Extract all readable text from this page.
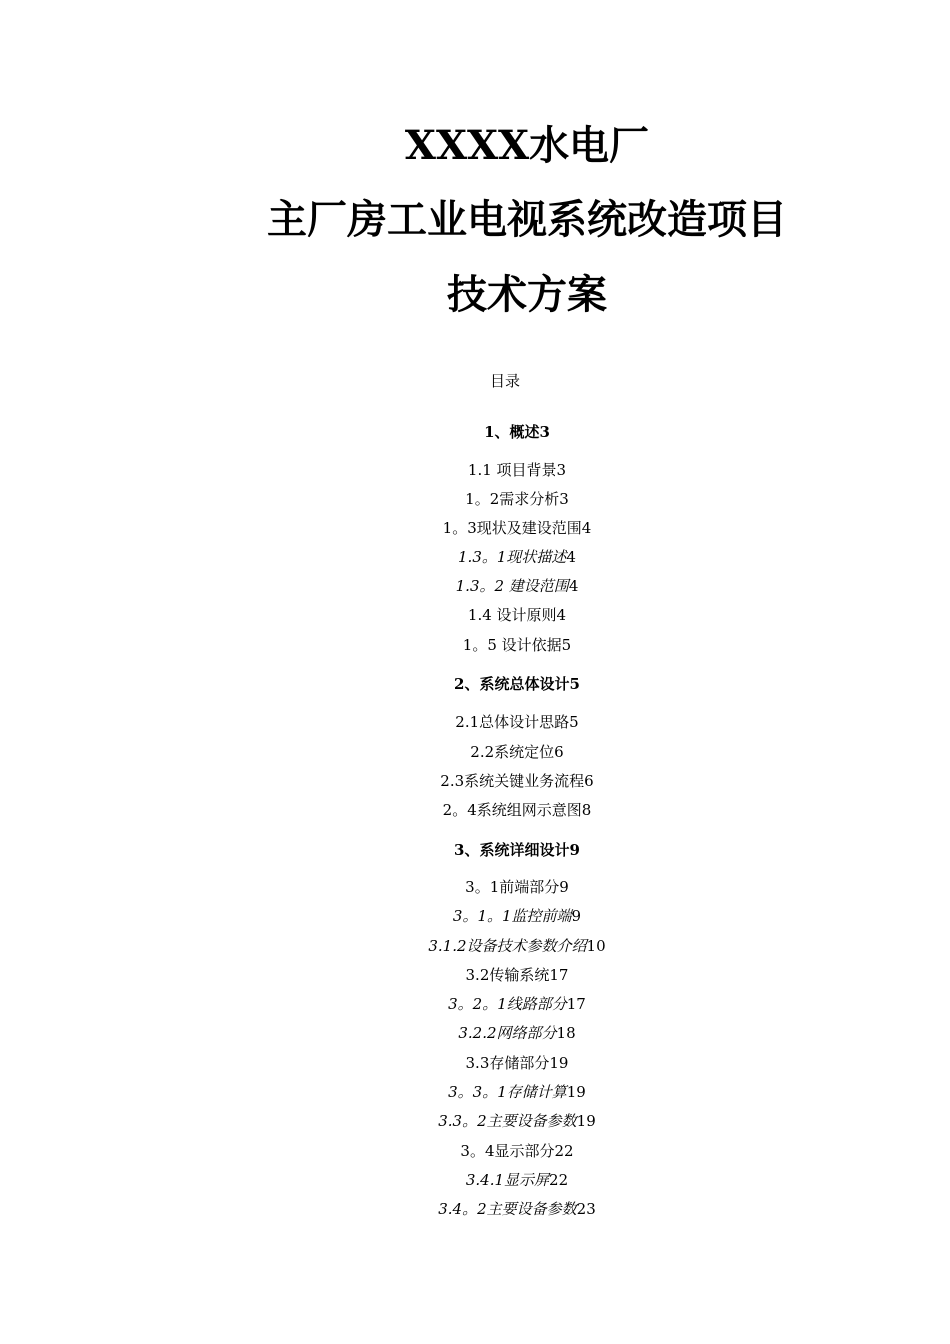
XXXX水电厂
主厂房工业电视系统改造项目
技术方案
目录
1、概述3
1.1 项目背景3
1。2需求分析3
1。3现状及建设范围4
1.3。1现状描述4
1.3。2 建设范围4
1.4 设计原则4
1。5 设计依据5
2、系统总体设计5
2.1总体设计思路5
2.2系统定位6
2.3系统关键业务流程6
2。4系统组网示意图8
3、系统详细设计9
3。1前端部分9
3。1。1监控前端9
3.1.2设备技术参数介绍10
3.2传输系统17
3。2。1线路部分17
3.2.2网络部分18
3.3存储部分19
3。3。1存储计算19
3.3。2主要设备参数19
3。4显示部分22
3.4.1显示屏22
3.4。2主要设备参数23
